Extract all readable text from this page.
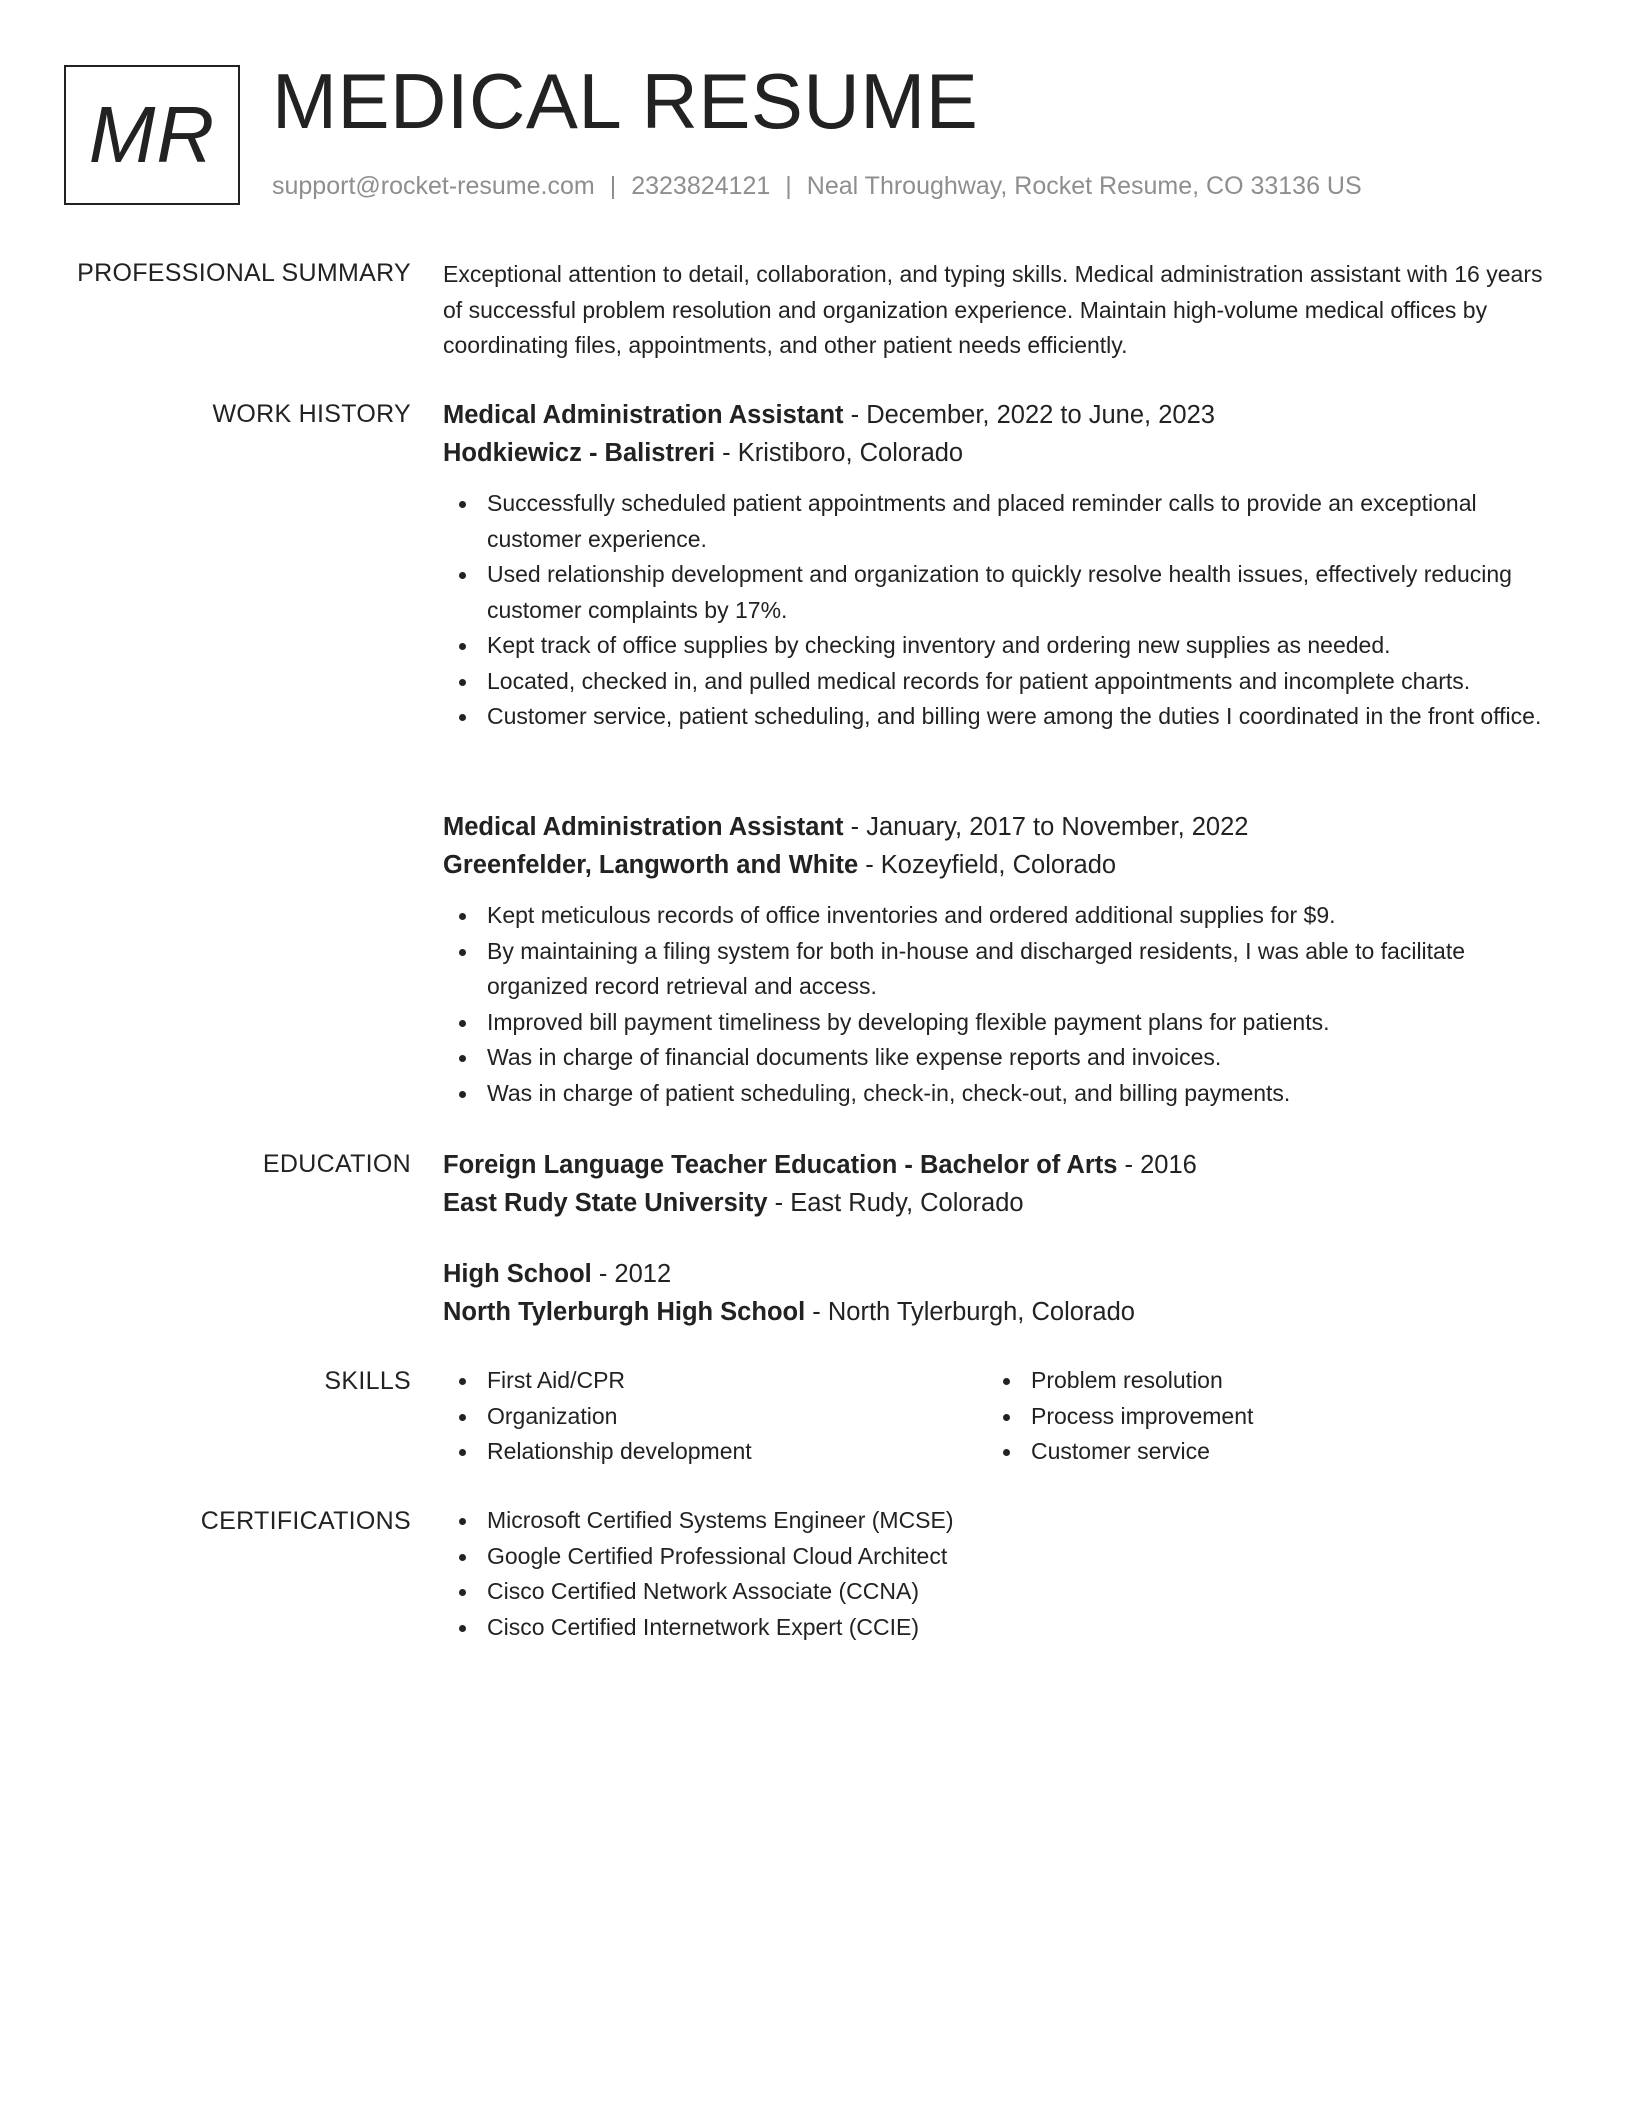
MR MEDICAL RESUME
support@rocket-resume.com | 2323824121 | Neal Throughway, Rocket Resume, CO 33136 US
PROFESSIONAL SUMMARY Exceptional attention to detail, collaboration, and typing skills. Medical administration assistant with 16 years of successful problem resolution and organization experience. Maintain high-volume medical offices by coordinating files, appointments, and other patient needs efficiently.

WORK HISTORY Medical Administration Assistant - December, 2022 to June, 2023
Hodkiewicz - Balistreri - Kristiboro, Colorado
Successfully scheduled patient appointments and placed reminder calls to provide an exceptional customer experience.
Used relationship development and organization to quickly resolve health issues, effectively reducing customer complaints by 17%.
Kept track of office supplies by checking inventory and ordering new supplies as needed.
Located, checked in, and pulled medical records for patient appointments and incomplete charts.
Customer service, patient scheduling, and billing were among the duties I coordinated in the front office.
Medical Administration Assistant - January, 2017 to November, 2022
Greenfelder, Langworth and White - Kozeyfield, Colorado
Kept meticulous records of office inventories and ordered additional supplies for $9.
By maintaining a filing system for both in-house and discharged residents, I was able to facilitate organized record retrieval and access.
Improved bill payment timeliness by developing flexible payment plans for patients.
Was in charge of financial documents like expense reports and invoices.
Was in charge of patient scheduling, check-in, check-out, and billing payments.
EDUCATION Foreign Language Teacher Education - Bachelor of Arts - 2016
East Rudy State University - East Rudy, Colorado
High School - 2012
North Tylerburgh High School - North Tylerburgh, Colorado
SKILLS	First Aid/CPR
Organization
Relationship development
Problem resolution
Process improvement
Customer service
CERTIFICATIONS	Microsoft Certified Systems Engineer (MCSE)
Google Certified Professional Cloud Architect
Cisco Certified Network Associate (CCNA)
Cisco Certified Internetwork Expert (CCIE)
